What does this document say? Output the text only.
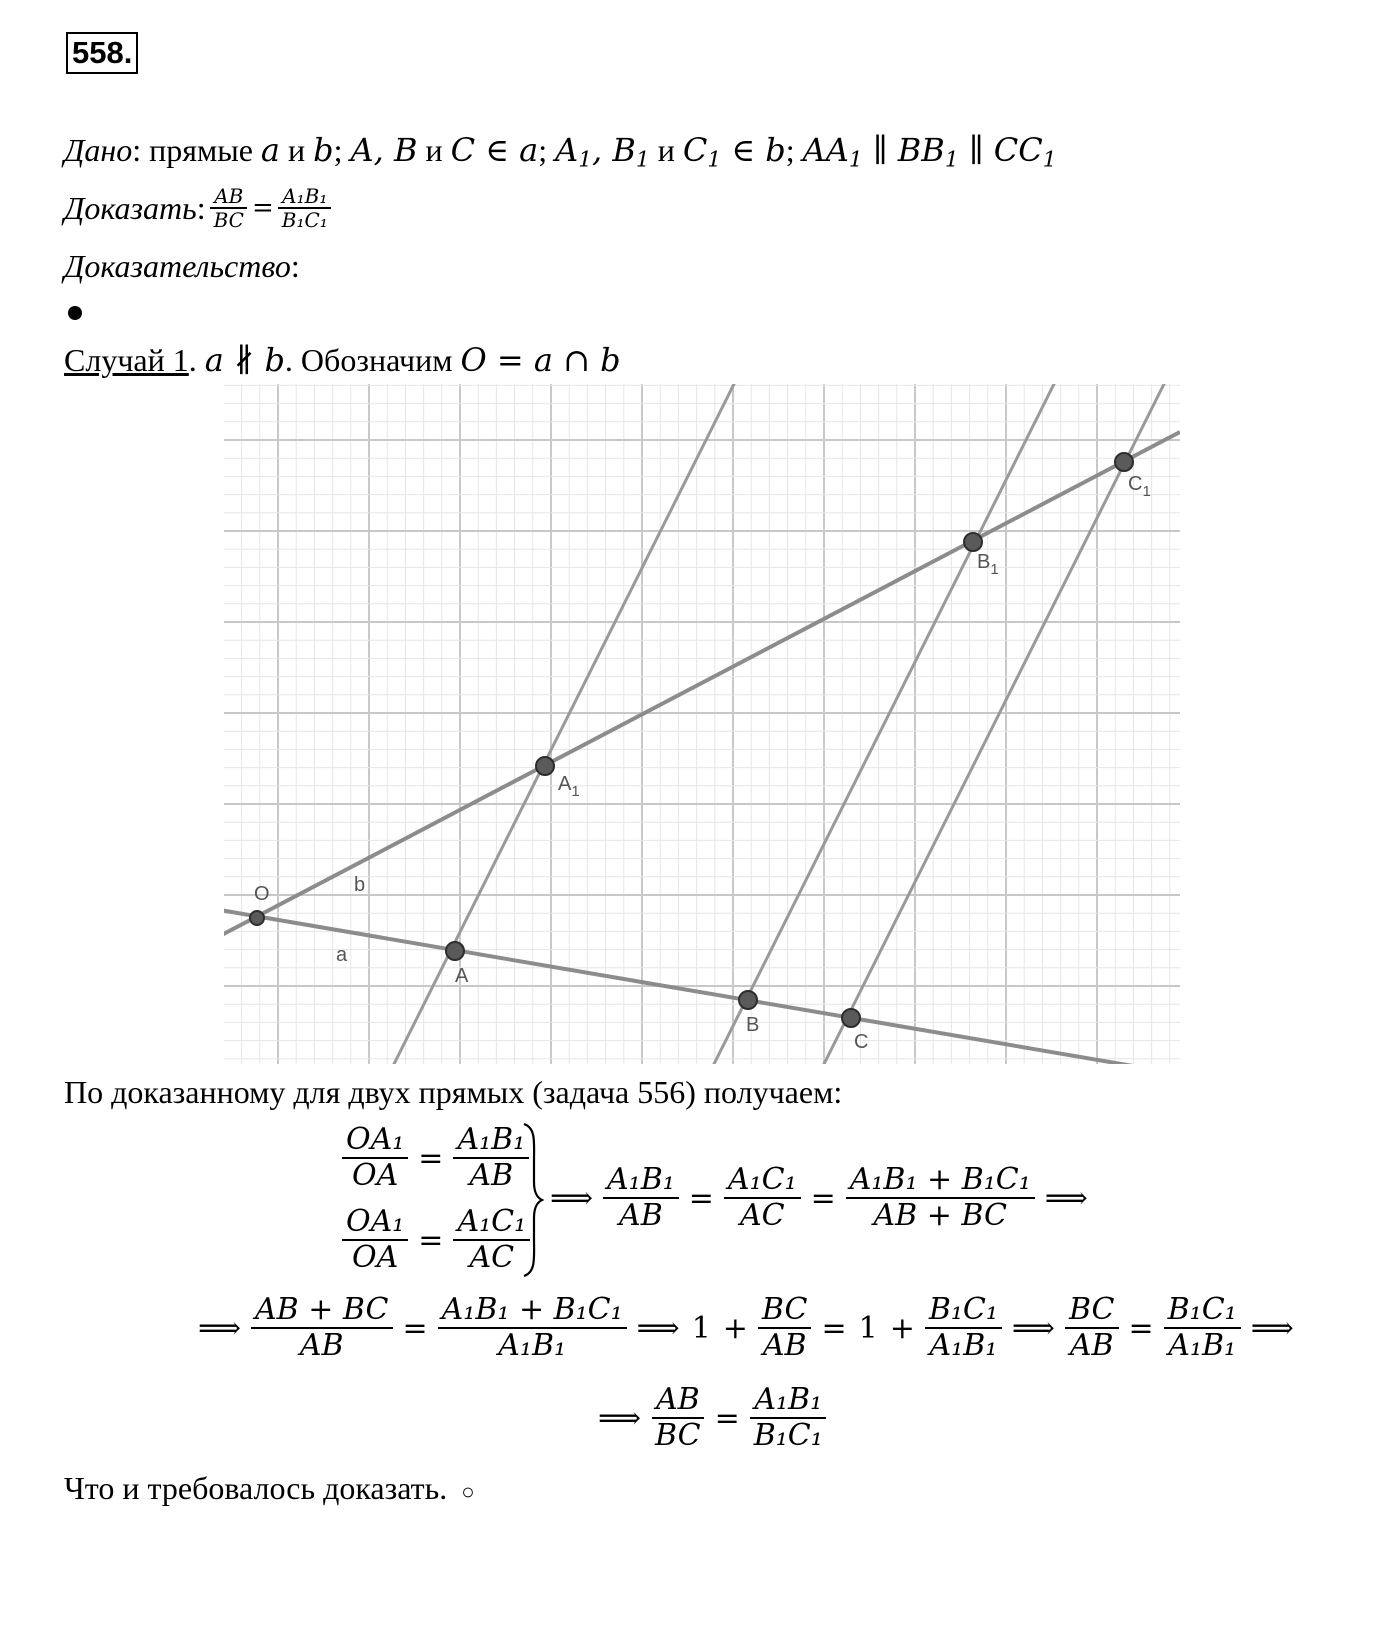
558.
Дано: прямые a и b; A, B и C ∈ a; $A_1$, $B_1$ и $C_1$ ∈ b; $AA_1$ ∥ $BB_1$ ∥ $CC_1$
Доказать : $\frac{AB}{BC} = \frac{\text{A₁B₁}}{\text{B₁C₁}}$
Доказательство:
Случай 1. a ∦ b. Обозначим O = a ∩ b
O
a
b
A
B
C
$A_1$
$B_1$
$C_1$
По доказанному для двух прямых (задача 556) получаем:
$\frac{\text{OA₁}}{OA} = \frac{\text{A₁B₁}}{AB}$
$\frac{\text{OA₁}}{OA} = \frac{\text{A₁C₁}}{AC}$
⟹ $\frac{\text{A₁B₁}}{AB} = \frac{\text{A₁C₁}}{AC} = \frac{\text{A₁B₁ + B₁C₁}}{AB + BC}$ ⟹
⟹ $\frac{AB + BC}{AB} = \frac{\text{A₁B₁ + B₁C₁}}{\text{A₁B₁}}$ ⟹ $1 + \frac{BC}{AB} = 1 + \frac{\text{B₁C₁}}{\text{A₁B₁}}$ ⟹ $\frac{BC}{AB} = \frac{\text{B₁C₁}}{\text{A₁B₁}}$ ⟹
⟹ $\frac{AB}{BC} = \frac{\text{A₁B₁}}{\text{B₁C₁}}$
Что и требовалось доказать. ○
